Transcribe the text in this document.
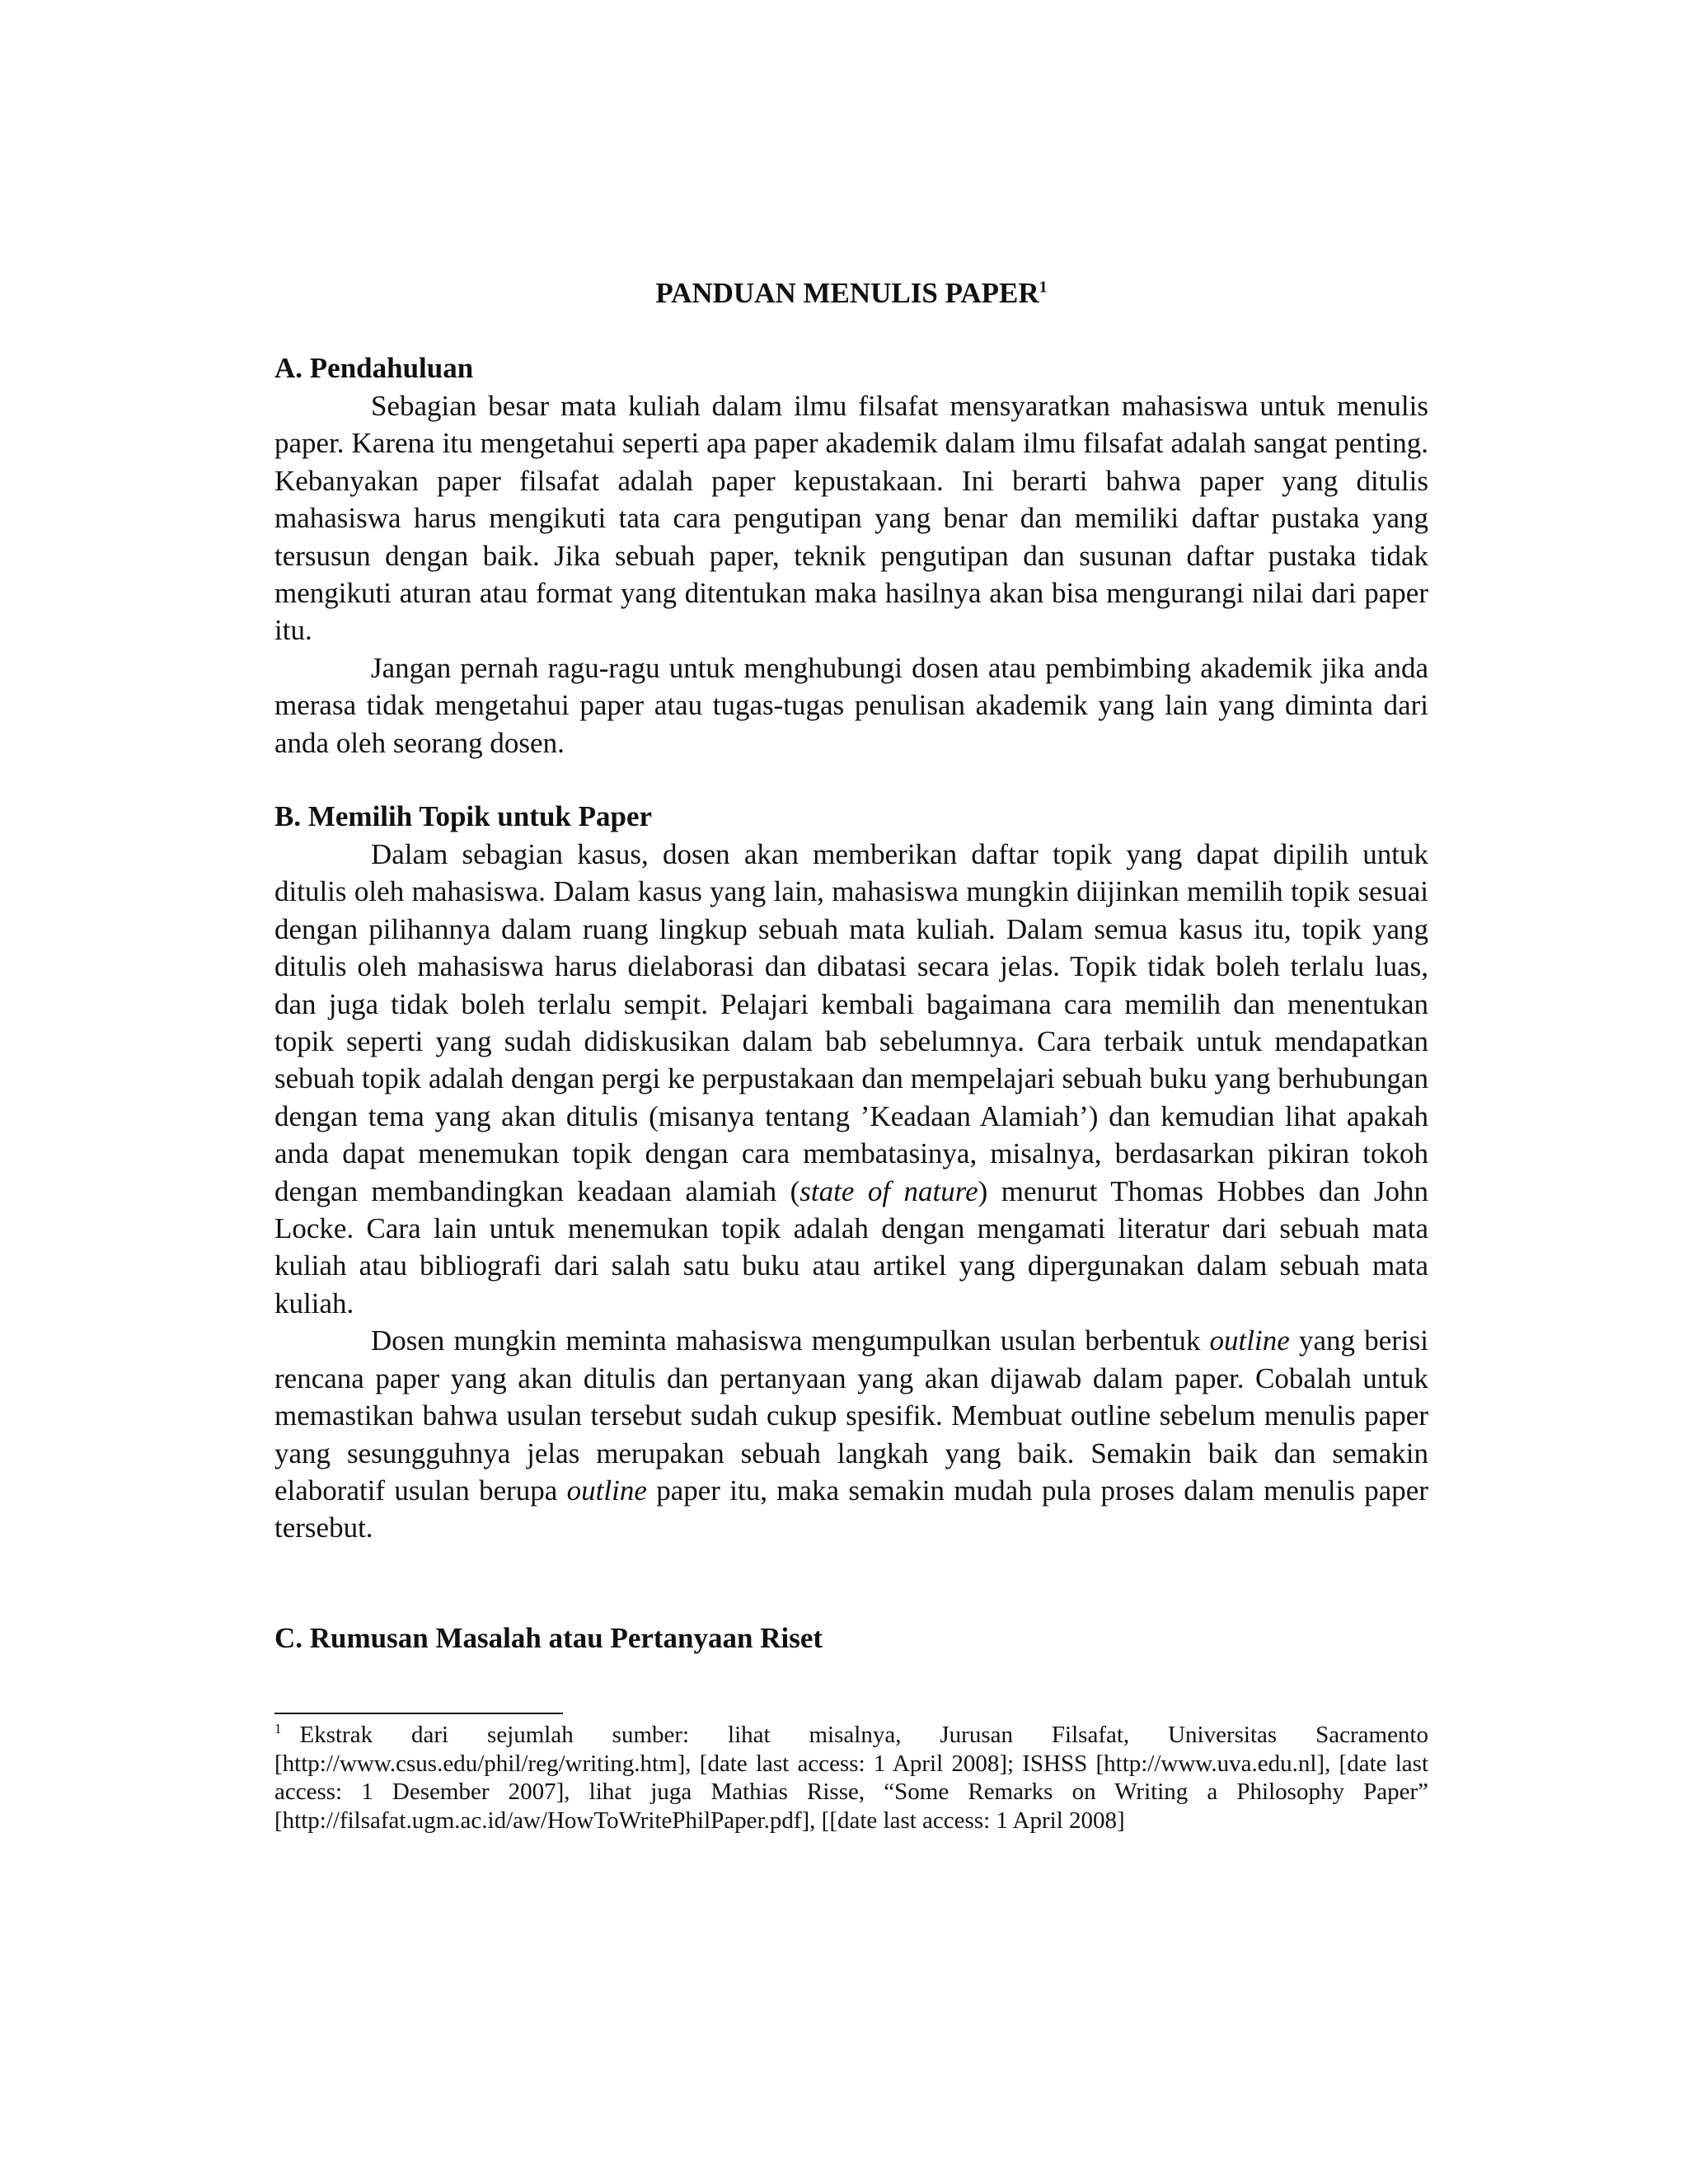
PANDUAN MENULIS PAPER$^1$
A. Pendahuluan

Sebagian besar mata kuliah dalam ilmu filsafat mensyaratkan mahasiswa untuk menulis paper. Karena itu mengetahui seperti apa paper akademik dalam ilmu filsafat adalah sangat penting. Kebanyakan paper filsafat adalah paper kepustakaan. Ini berarti bahwa paper yang ditulis mahasiswa harus mengikuti tata cara pengutipan yang benar dan memiliki daftar pustaka yang tersusun dengan baik. Jika sebuah paper, teknik pengutipan dan susunan daftar pustaka tidak mengikuti aturan atau format yang ditentukan maka hasilnya akan bisa mengurangi nilai dari paper itu.

Jangan pernah ragu-ragu untuk menghubungi dosen atau pembimbing akademik jika anda merasa tidak mengetahui paper atau tugas-tugas penulisan akademik yang lain yang diminta dari anda oleh seorang dosen.

B. Memilih Topik untuk Paper

Dalam sebagian kasus, dosen akan memberikan daftar topik yang dapat dipilih untuk ditulis oleh mahasiswa. Dalam kasus yang lain, mahasiswa mungkin diijinkan memilih topik sesuai dengan pilihannya dalam ruang lingkup sebuah mata kuliah. Dalam semua kasus itu, topik yang ditulis oleh mahasiswa harus dielaborasi dan dibatasi secara jelas. Topik tidak boleh terlalu luas, dan juga tidak boleh terlalu sempit. Pelajari kembali bagaimana cara memilih dan menentukan topik seperti yang sudah didiskusikan dalam bab sebelumnya. Cara terbaik untuk mendapatkan sebuah topik adalah dengan pergi ke perpustakaan dan mempelajari sebuah buku yang berhubungan dengan tema yang akan ditulis (misanya tentang ’Keadaan Alamiah’) dan kemudian lihat apakah anda dapat menemukan topik dengan cara membatasinya, misalnya, berdasarkan pikiran tokoh dengan membandingkan keadaan alamiah (state of nature) menurut Thomas Hobbes dan John Locke. Cara lain untuk menemukan topik adalah dengan mengamati literatur dari sebuah mata kuliah atau bibliografi dari salah satu buku atau artikel yang dipergunakan dalam sebuah mata kuliah.

Dosen mungkin meminta mahasiswa mengumpulkan usulan berbentuk outline yang berisi rencana paper yang akan ditulis dan pertanyaan yang akan dijawab dalam paper. Cobalah untuk memastikan bahwa usulan tersebut sudah cukup spesifik. Membuat outline sebelum menulis paper yang sesungguhnya jelas merupakan sebuah langkah yang baik. Semakin baik dan semakin elaboratif usulan berupa outline paper itu, maka semakin mudah pula proses dalam menulis paper tersebut.

C. Rumusan Masalah atau Pertanyaan Riset
$^1$ Ekstrak dari sejumlah sumber: lihat misalnya, Jurusan Filsafat, Universitas Sacramento [http://www.csus.edu/phil/reg/writing.htm], [date last access: 1 April 2008]; ISHSS [http://www.uva.edu.nl], [date last access: 1 Desember 2007], lihat juga Mathias Risse, “Some Remarks on Writing a Philosophy Paper” [http://filsafat.ugm.ac.id/aw/HowToWritePhilPaper.pdf], [[date last access: 1 April 2008]
